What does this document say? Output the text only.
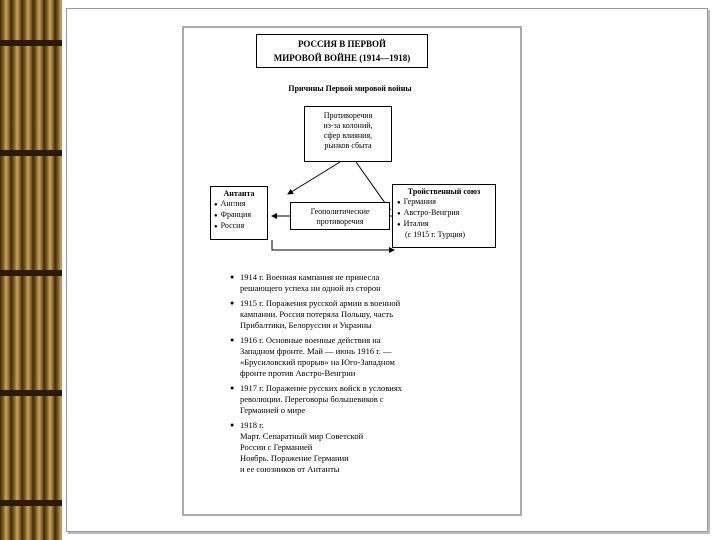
РОССИЯ В ПЕРВОЙ
МИРОВОЙ ВОЙНЕ (1914—1918)
Причины Первой мировой войны
Противоречия
из-за колоний,
сфер влияния,
рынков сбыта
Антанта
● Англия
● Франция
● Россия
Геополитические
противоречия
Тройственный союз
● Германия
● Австро-Венгрия
● Италия
(с 1915 г. Турция)
● 1914 г. Военная кампания не принесла
решающего успеха ни одной из сторон
● 1915 г. Поражения русской армии в военной
кампании. Россия потеряла Польшу, часть
Прибалтики, Белоруссии и Украины
● 1916 г. Основные военные действия на
Западном фронте. Май — июнь 1916 г. —
«Брусиловский прорыв» на Юго-Западном
фронте против Австро-Венгрии
● 1917 г. Поражение русских войск в условиях
революции. Переговоры большевиков с
Германией о мире
● 1918 г.
Март. Сепаратный мир Советской
России с Германией
Ноябрь. Поражение Германии
и ее союзников от Антанты
